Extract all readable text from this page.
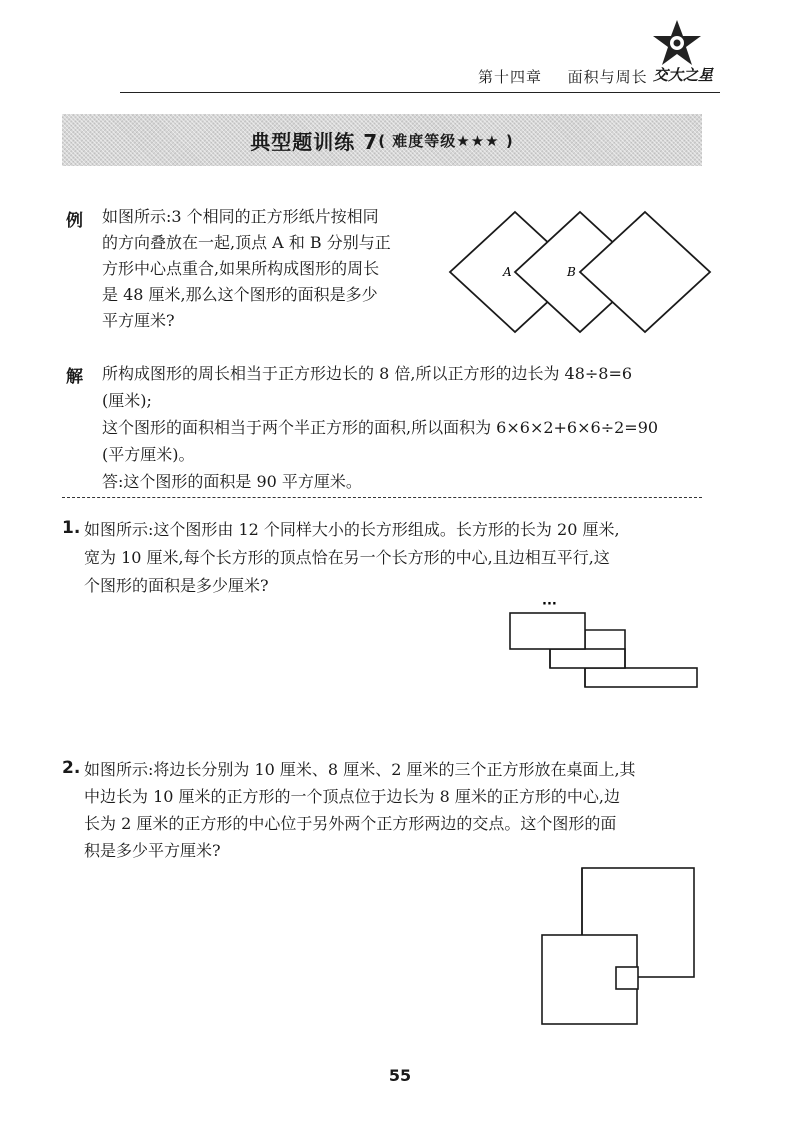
第十四章 面积与周长 交大之星
典型题训练 7 ( 难度等级★★★ )
例 如图所示:3 个相同的正方形纸片按相同
的方向叠放在一起,顶点 A 和 B 分别与正
方形中心点重合,如果所构成图形的周长
是 48 厘米,那么这个图形的面积是多少
平方厘米?
A	B
解 所构成图形的周长相当于正方形边长的 8 倍,所以正方形的边长为 48÷8=6
(厘米);
这个图形的面积相当于两个半正方形的面积,所以面积为 6×6×2+6×6÷2=90
(平方厘米)。
答:这个图形的面积是 90 平方厘米。
1. 如图所示:这个图形由 12 个同样大小的长方形组成。长方形的长为 20 厘米,
宽为 10 厘米,每个长方形的顶点恰在另一个长方形的中心,且边相互平行,这
个图形的面积是多少厘米?
···
2. 如图所示:将边长分别为 10 厘米、8 厘米、2 厘米的三个正方形放在桌面上,其
中边长为 10 厘米的正方形的一个顶点位于边长为 8 厘米的正方形的中心,边
长为 2 厘米的正方形的中心位于另外两个正方形两边的交点。这个图形的面
积是多少平方厘米?
55
